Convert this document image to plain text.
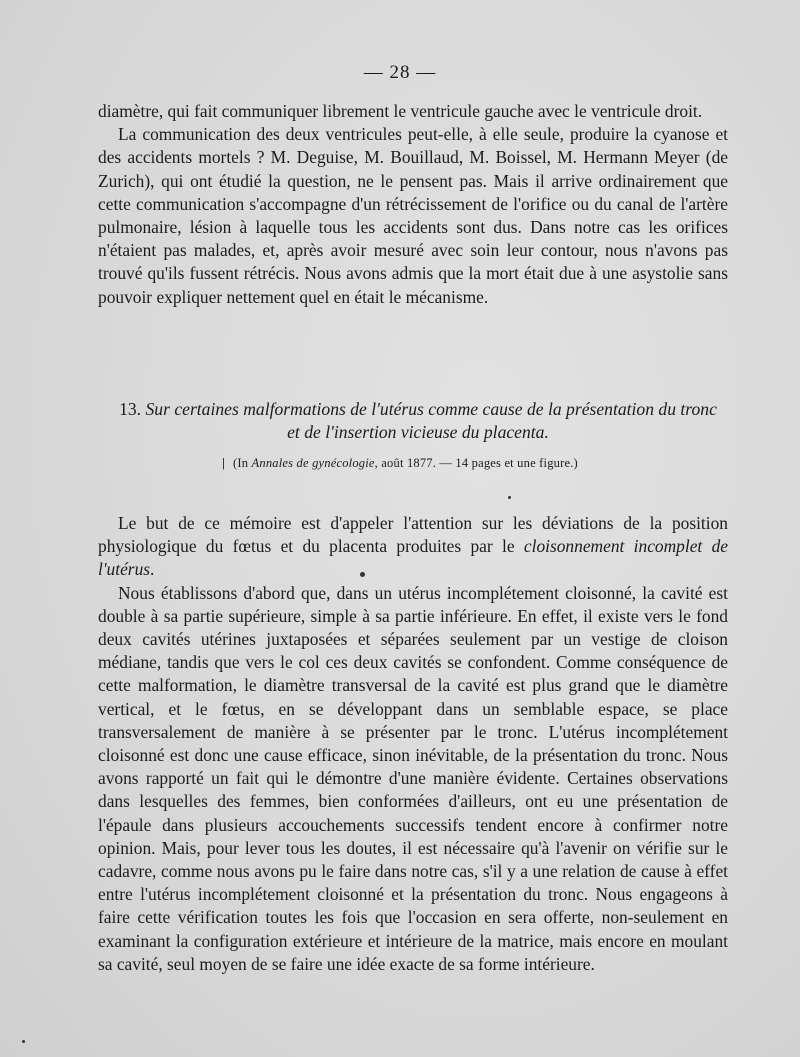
— 28 —

diamètre, qui fait communiquer librement le ventricule gauche avec le ventricule droit.

La communication des deux ventricules peut-elle, à elle seule, produire la cyanose et des accidents mortels ? M. Deguise, M. Bouillaud, M. Boissel, M. Hermann Meyer (de Zurich), qui ont étudié la question, ne le pensent pas. Mais il arrive ordinairement que cette communication s'accompagne d'un rétrécissement de l'orifice ou du canal de l'artère pulmonaire, lésion à laquelle tous les accidents sont dus. Dans notre cas les orifices n'étaient pas malades, et, après avoir mesuré avec soin leur contour, nous n'avons pas trouvé qu'ils fussent rétrécis. Nous avons admis que la mort était due à une asystolie sans pouvoir expliquer nettement quel en était le mécanisme.

13. Sur certaines malformations de l'utérus comme cause de la présentation du tronc
et de l'insertion vicieuse du placenta.
| (In Annales de gynécologie, août 1877. — 14 pages et une figure.)

Le but de ce mémoire est d'appeler l'attention sur les déviations de la position physiologique du fœtus et du placenta produites par le cloisonnement incomplet de l'utérus.

Nous établissons d'abord que, dans un utérus incomplétement cloisonné, la cavité est double à sa partie supérieure, simple à sa partie inférieure. En effet, il existe vers le fond deux cavités utérines juxtaposées et séparées seulement par un vestige de cloison médiane, tandis que vers le col ces deux cavités se confondent. Comme conséquence de cette malformation, le diamètre transversal de la cavité est plus grand que le diamètre vertical, et le fœtus, en se développant dans un semblable espace, se place transversalement de manière à se présenter par le tronc. L'utérus incomplétement cloisonné est donc une cause efficace, sinon inévitable, de la présentation du tronc. Nous avons rapporté un fait qui le démontre d'une manière évidente. Certaines observations dans lesquelles des femmes, bien conformées d'ailleurs, ont eu une présentation de l'épaule dans plusieurs accouchements successifs tendent encore à confirmer notre opinion. Mais, pour lever tous les doutes, il est nécessaire qu'à l'avenir on vérifie sur le cadavre, comme nous avons pu le faire dans notre cas, s'il y a une relation de cause à effet entre l'utérus incomplétement cloisonné et la présentation du tronc. Nous engageons à faire cette vérification toutes les fois que l'occasion en sera offerte, non-seulement en examinant la configuration extérieure et intérieure de la matrice, mais encore en moulant sa cavité, seul moyen de se faire une idée exacte de sa forme intérieure.
